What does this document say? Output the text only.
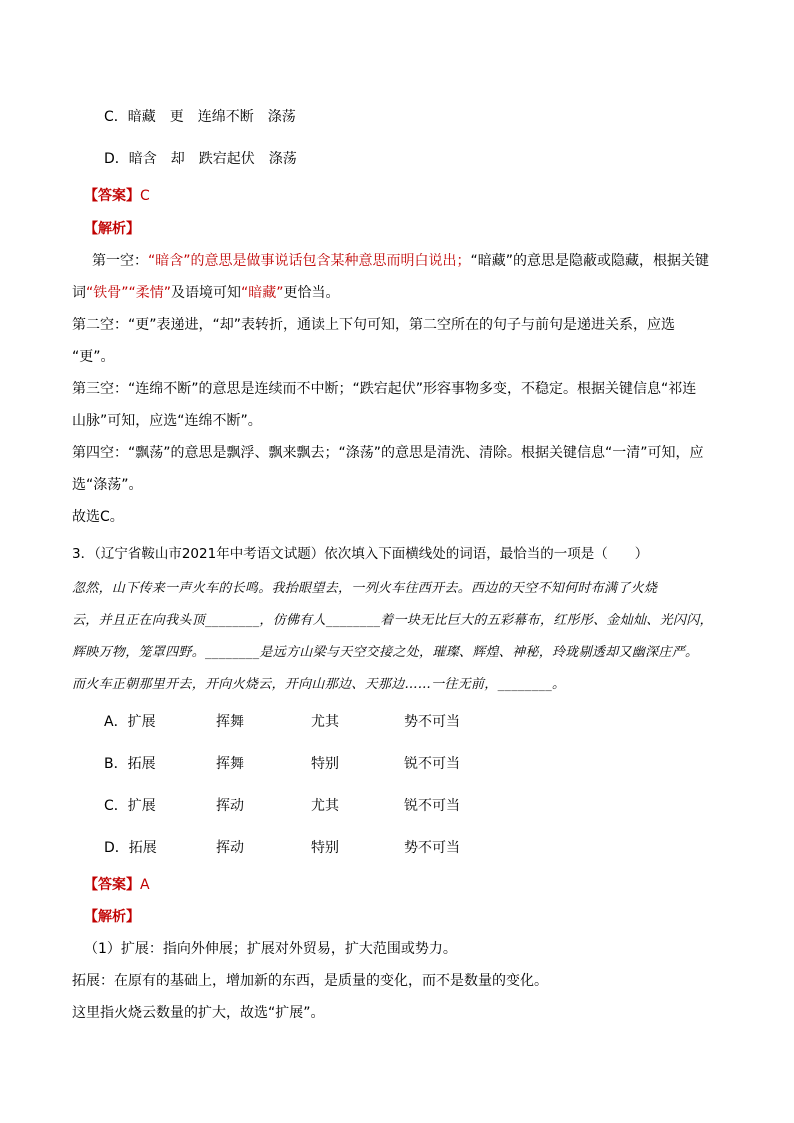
C．暗藏　更　连绵不断　涤荡
D．暗含　却　跌宕起伏　涤荡
【答案】C
【解析】
第一空：“暗含”的意思是做事说话包含某种意思而明白说出；“暗藏”的意思是隐蔽或隐藏，根据关键
词“铁骨”“柔情”及语境可知“暗藏”更恰当。
第二空：“更”表递进，“却”表转折，通读上下句可知，第二空所在的句子与前句是递进关系，应选
“更”。
第三空：“连绵不断”的意思是连续而不中断；“跌宕起伏”形容事物多变，不稳定。根据关键信息“祁连
山脉”可知，应选“连绵不断”。
第四空：“飘荡”的意思是飘浮、飘来飘去；“涤荡”的意思是清洗、清除。根据关键信息“一清”可知，应
选“涤荡”。
故选C。
3．（辽宁省鞍山市2021年中考语文试题）依次填入下面横线处的词语，最恰当的一项是（　　）
忽然，山下传来一声火车的长鸣。我抬眼望去，一列火车往西开去。西边的天空不知何时布满了火烧
云，并且正在向我头顶________，仿佛有人________着一块无比巨大的五彩幕布，红彤彤、金灿灿、光闪闪，
辉映万物，笼罩四野。________是远方山梁与天空交接之处，璀璨、辉煌、神秘，玲珑剔透却又幽深庄严。
而火车正朝那里开去，开向火烧云，开向山那边、天那边……一往无前，________。
A．扩展	挥舞	尤其	势不可当
B．拓展	挥舞	特别	锐不可当
C．扩展	挥动	尤其	锐不可当
D．拓展	挥动	特别	势不可当
【答案】A
【解析】
（1）扩展：指向外伸展；扩展对外贸易，扩大范围或势力。
拓展：在原有的基础上，增加新的东西，是质量的变化，而不是数量的变化。
这里指火烧云数量的扩大，故选“扩展”。
